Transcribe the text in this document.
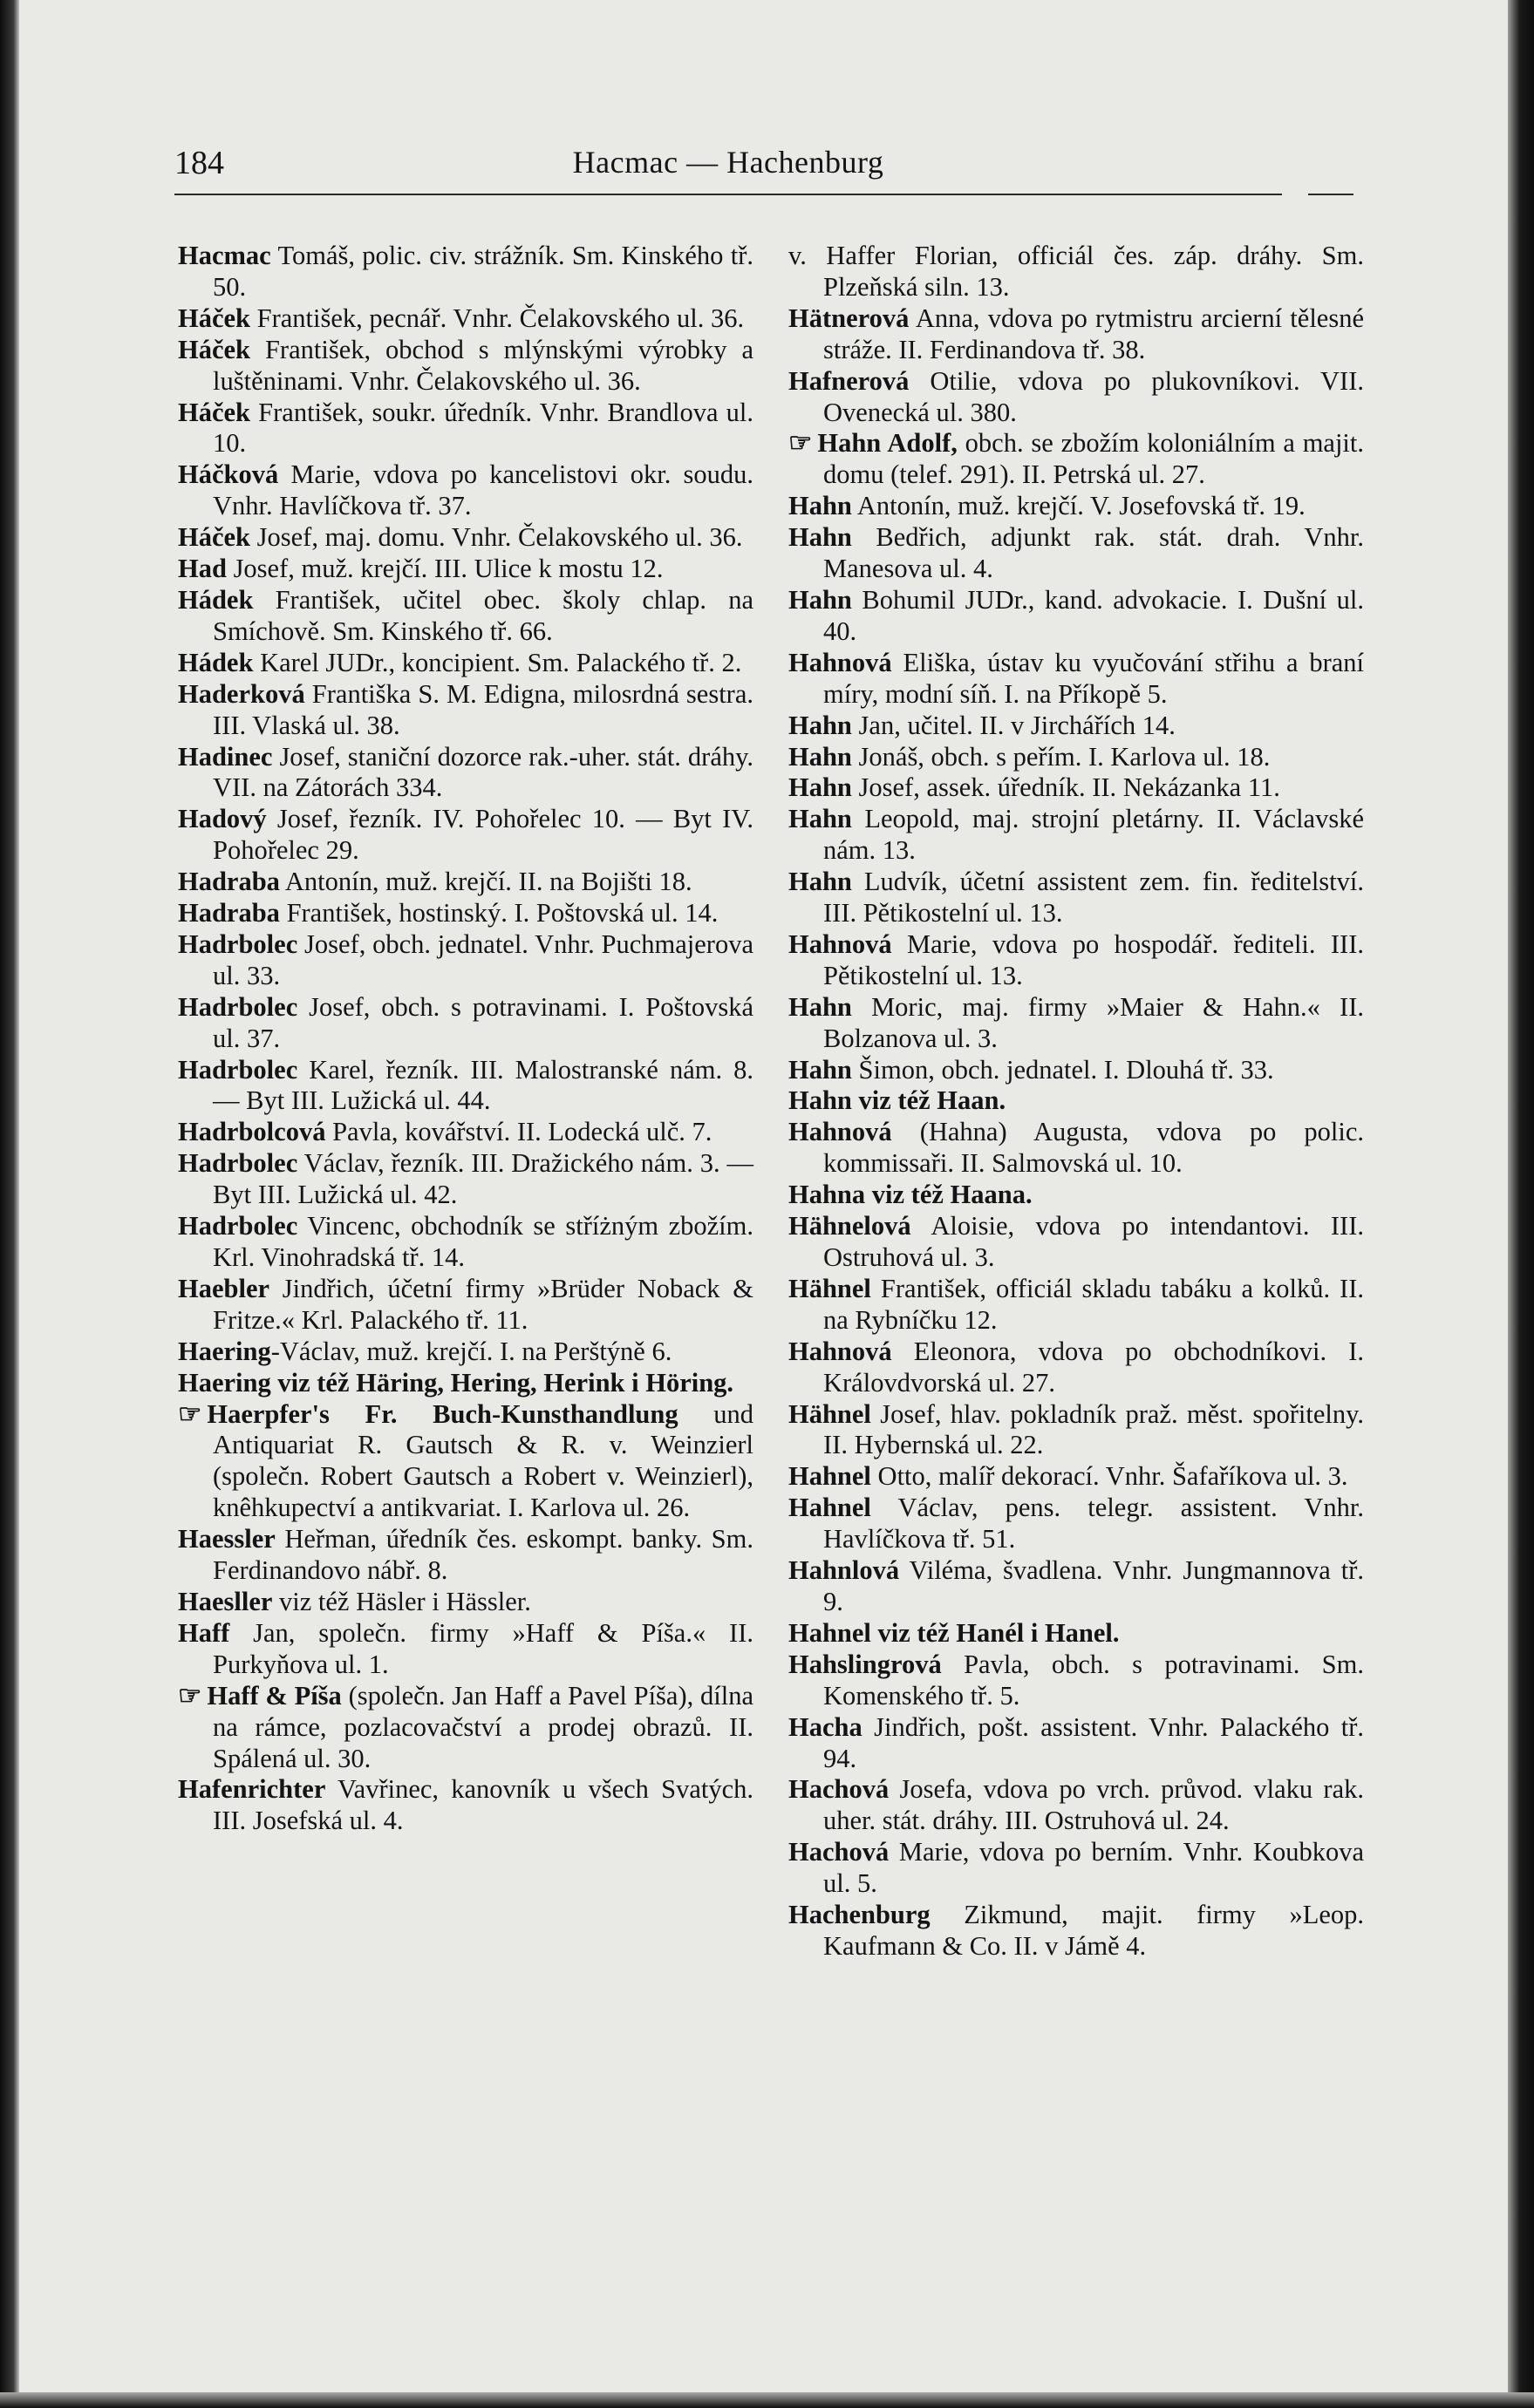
184	Hacmac — Hachenburg

Hacmac Tomáš, polic. civ. strážník. Sm. Kinského tř. 50.

Háček František, pecnář. Vnhr. Čelakovského ul. 36.

Háček František, obchod s mlýnskými výrobky a luštěninami. Vnhr. Čelakovského ul. 36.

Háček František, soukr. úředník. Vnhr. Brandlova ul. 10.

Háčková Marie, vdova po kancelistovi okr. soudu. Vnhr. Havlíčkova tř. 37.

Háček Josef, maj. domu. Vnhr. Čelakovského ul. 36.

Had Josef, muž. krejčí. III. Ulice k mostu 12.

Hádek František, učitel obec. školy chlap. na Smíchově. Sm. Kinského tř. 66.

Hádek Karel JUDr., koncipient. Sm. Palackého tř. 2.

Haderková Františka S. M. Edigna, milosrdná sestra. III. Vlaská ul. 38.

Hadinec Josef, staniční dozorce rak.-uher. stát. dráhy. VII. na Zátorách 334.

Hadový Josef, řezník. IV. Pohořelec 10. — Byt IV. Pohořelec 29.

Hadraba Antonín, muž. krejčí. II. na Bojišti 18.

Hadraba František, hostinský. I. Poštovská ul. 14.

Hadrbolec Josef, obch. jednatel. Vnhr. Puchmajerova ul. 33.

Hadrbolec Josef, obch. s potravinami. I. Poštovská ul. 37.

Hadrbolec Karel, řezník. III. Malostranské nám. 8. — Byt III. Lužická ul. 44.

Hadrbolcová Pavla, kovářství. II. Lodecká ulč. 7.

Hadrbolec Václav, řezník. III. Dražického nám. 3. — Byt III. Lužická ul. 42.

Hadrbolec Vincenc, obchodník se stříżným zbožím. Krl. Vinohradská tř. 14.

Haebler Jindřich, účetní firmy »Brüder Noback & Fritze.« Krl. Palackého tř. 11.

Haering-Václav, muž. krejčí. I. na Perštýně 6.

Haering viz též Häring, Hering, Herink i Höring.

☞ Haerpfer's Fr. Buch-Kunsthandlung und Antiquariat R. Gautsch & R. v. Weinzierl (společn. Robert Gautsch a Robert v. Weinzierl), knêhkupectví a antikvariat. I. Karlova ul. 26.

Haessler Heřman, úředník čes. eskompt. banky. Sm. Ferdinandovo nábř. 8.

Haesller viz též Häsler i Hässler.

Haff Jan, společn. firmy »Haff & Píša.« II. Purkyňova ul. 1.

☞ Haff & Píša (společn. Jan Haff a Pavel Píša), dílna na rámce, pozlacovačství a prodej obrazů. II. Spálená ul. 30.

Hafenrichter Vavřinec, kanovník u všech Svatých. III. Josefská ul. 4.

v. Haffer Florian, officiál čes. záp. dráhy. Sm. Plzeňská siln. 13.

Hätnerová Anna, vdova po rytmistru arcierní tělesné stráže. II. Ferdinandova tř. 38.

Hafnerová Otilie, vdova po plukovníkovi. VII. Ovenecká ul. 380.

☞ Hahn Adolf, obch. se zbožím koloniálním a majit. domu (telef. 291). II. Petrská ul. 27.

Hahn Antonín, muž. krejčí. V. Josefovská tř. 19.

Hahn Bedřich, adjunkt rak. stát. drah. Vnhr. Manesova ul. 4.

Hahn Bohumil JUDr., kand. advokacie. I. Dušní ul. 40.

Hahnová Eliška, ústav ku vyučování střihu a braní míry, modní síň. I. na Příkopě 5.

Hahn Jan, učitel. II. v Jirchářích 14.

Hahn Jonáš, obch. s peřím. I. Karlova ul. 18.

Hahn Josef, assek. úředník. II. Nekázanka 11.

Hahn Leopold, maj. strojní pletárny. II. Václavské nám. 13.

Hahn Ludvík, účetní assistent zem. fin. ředitelství. III. Pětikostelní ul. 13.

Hahnová Marie, vdova po hospodář. řediteli. III. Pětikostelní ul. 13.

Hahn Moric, maj. firmy »Maier & Hahn.« II. Bolzanova ul. 3.

Hahn Šimon, obch. jednatel. I. Dlouhá tř. 33.

Hahn viz též Haan.

Hahnová (Hahna) Augusta, vdova po polic. kommissaři. II. Salmovská ul. 10.

Hahna viz též Haana.

Hähnelová Aloisie, vdova po intendantovi. III. Ostruhová ul. 3.

Hähnel František, officiál skladu tabáku a kolků. II. na Rybníčku 12.

Hahnová Eleonora, vdova po obchodníkovi. I. Královdvorská ul. 27.

Hähnel Josef, hlav. pokladník praž. měst. spořitelny. II. Hybernská ul. 22.

Hahnel Otto, malíř dekorací. Vnhr. Šafaříkova ul. 3.

Hahnel Václav, pens. telegr. assistent. Vnhr. Havlíčkova tř. 51.

Hahnlová Viléma, švadlena. Vnhr. Jungmannova tř. 9.

Hahnel viz též Hanél i Hanel.

Hahslingrová Pavla, obch. s potravinami. Sm. Komenského tř. 5.

Hacha Jindřich, pošt. assistent. Vnhr. Palackého tř. 94.

Hachová Josefa, vdova po vrch. průvod. vlaku rak. uher. stát. dráhy. III. Ostruhová ul. 24.

Hachová Marie, vdova po berním. Vnhr. Koubkova ul. 5.

Hachenburg Zikmund, majit. firmy »Leop. Kaufmann & Co. II. v Jámě 4.
